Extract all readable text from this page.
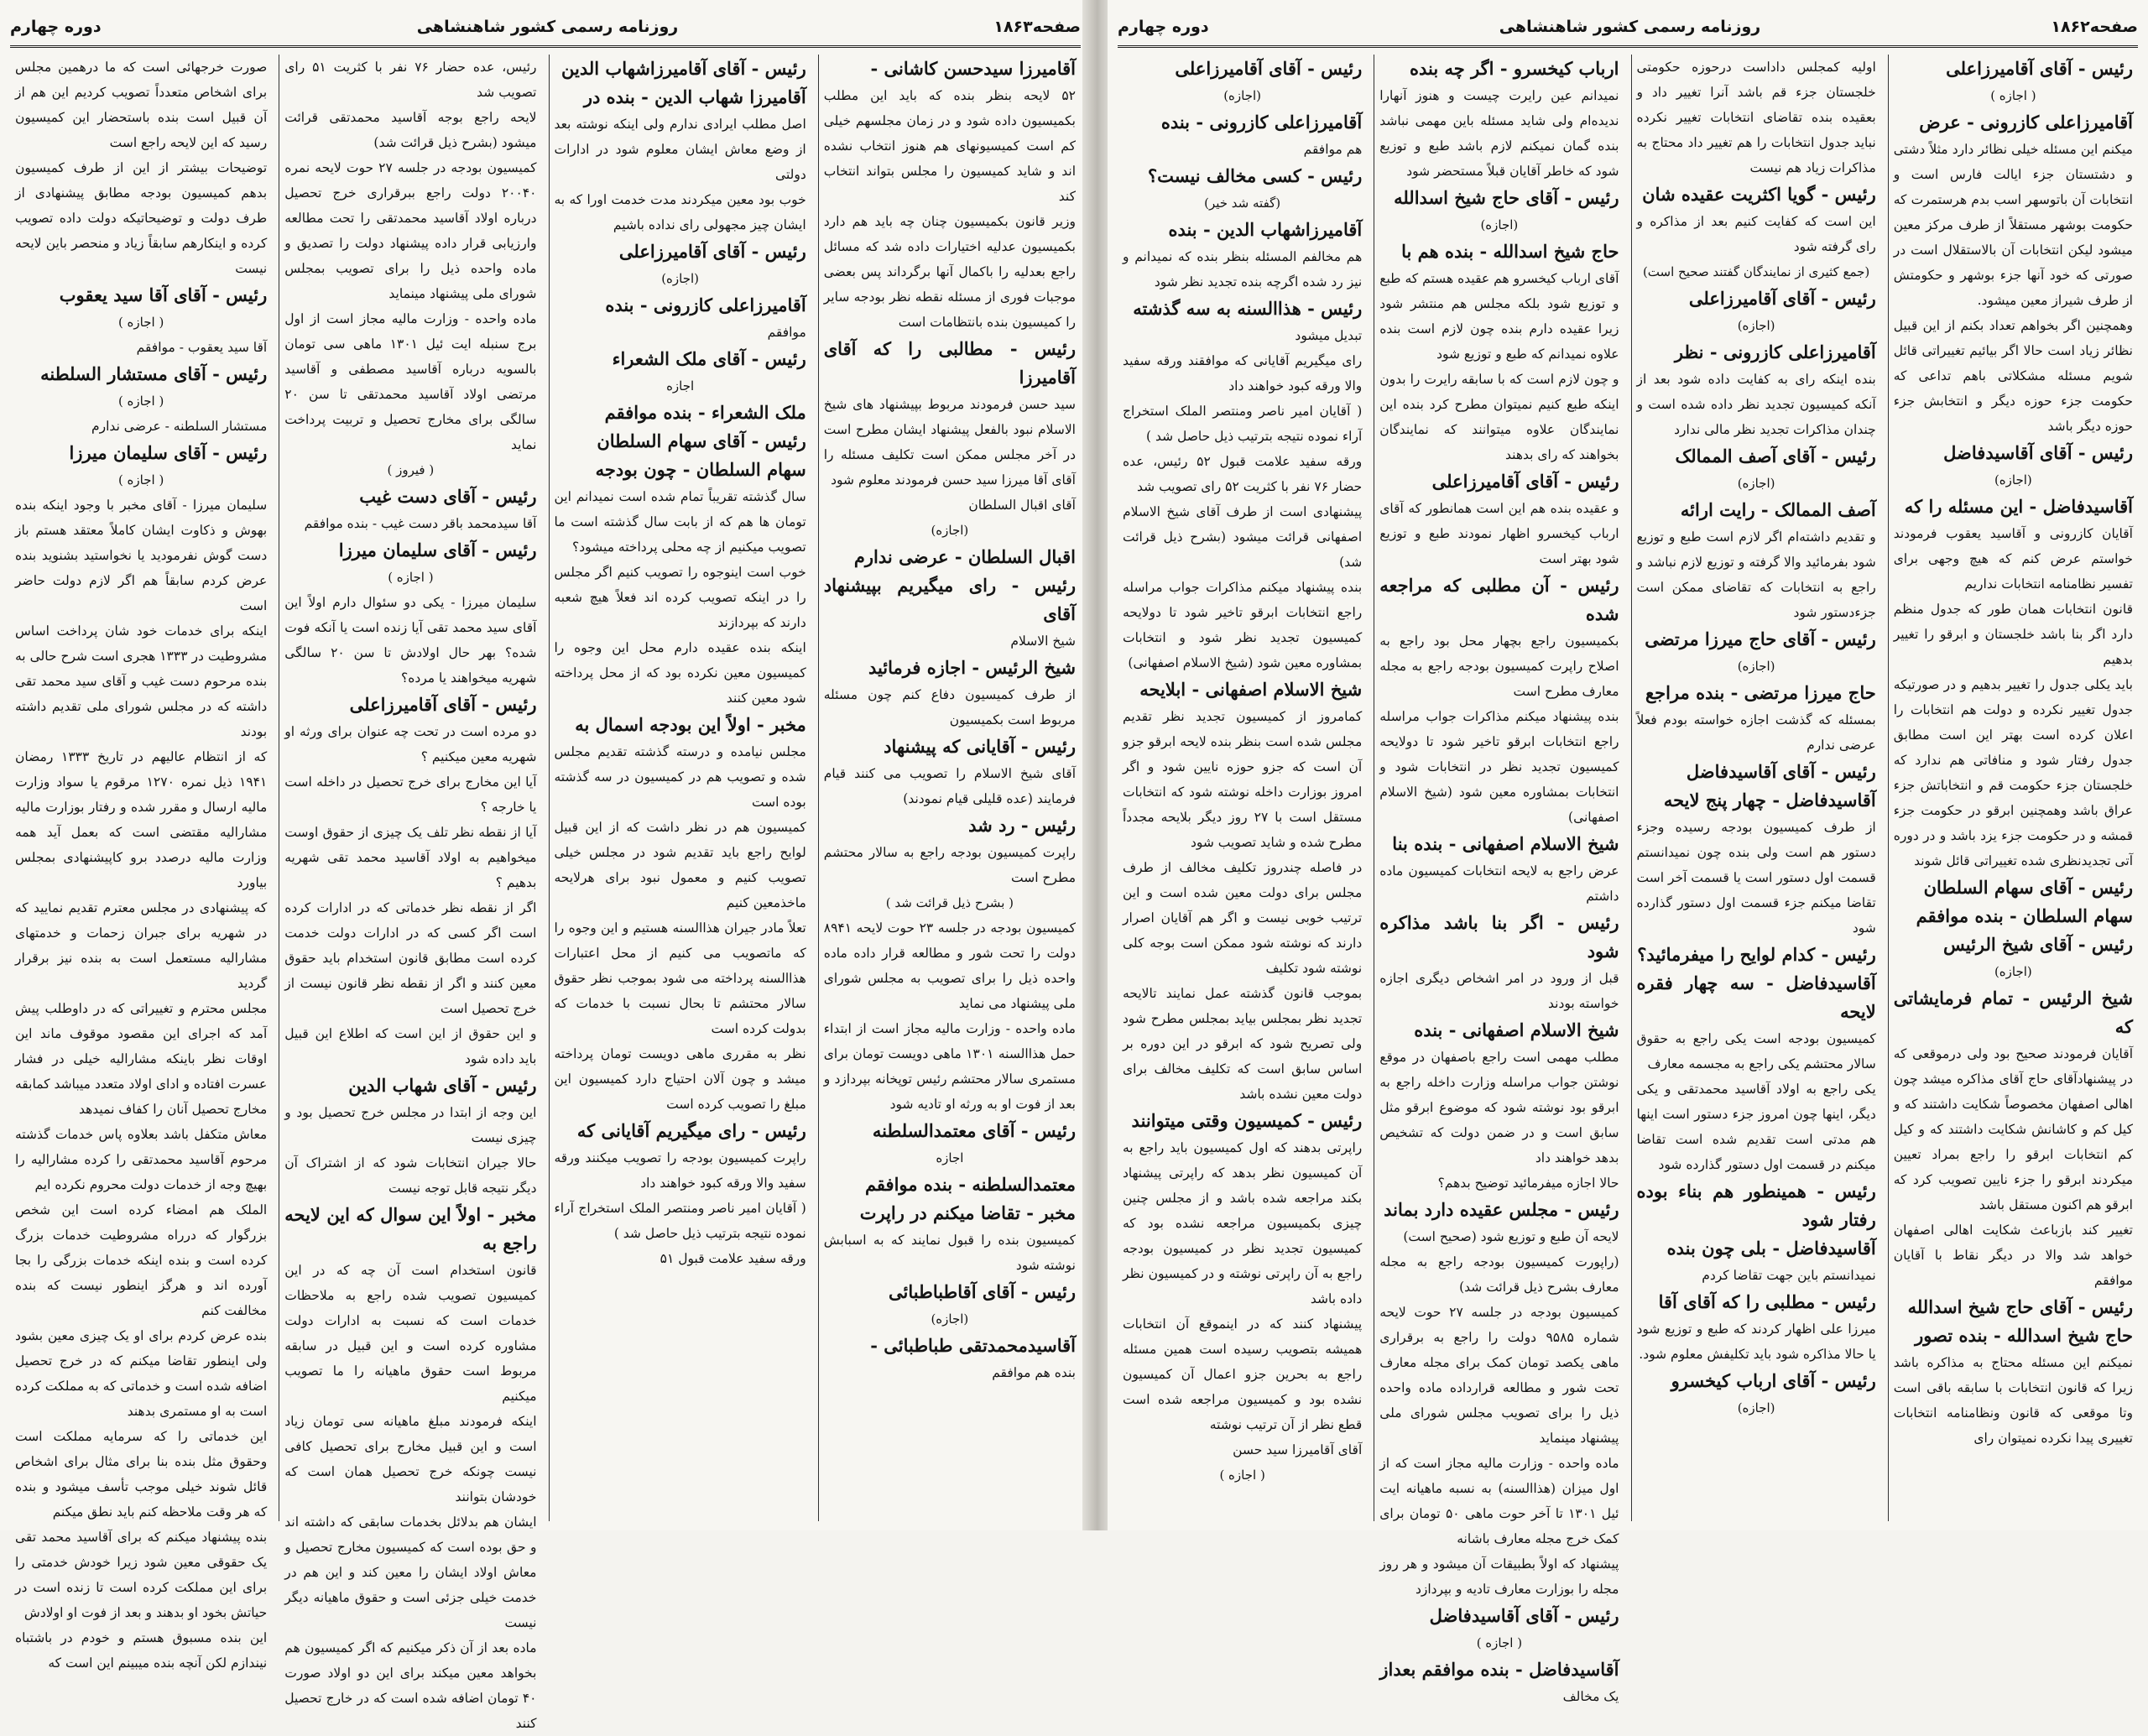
صفحه۱۸۶۳
روزنامه رسمی کشور شاهنشاهی
دوره چهارم
آقامیرزا سیدحسن کاشانی -
۵۲ لایحه بنظر بنده که باید این مطلب بکمیسیون داده شود و در زمان مجلسهم خیلی کم است کمیسیونهای هم هنوز انتخاب نشده اند و شاید کمیسیون را مجلس بتواند انتخاب کند
وزیر قانون بکمیسیون چنان چه باید هم دارد بکمیسیون عدلیه اختیارات داده شد که مسائل راجع بعدلیه را باکمال آنها برگرداند پس بعضی موجبات فوری از مسئله نقطه نظر بودجه سایر را کمیسیون بنده بانتظامات است
رئیس - مطالبی را که آقای آقامیرزا
سید حسن فرمودند مربوط بپیشنهاد های شیخ الاسلام نبود بالفعل پیشنهاد ایشان مطرح است در آخر مجلس ممکن است تکلیف مسئله را آقای آقا میرزا سید حسن فرمودند معلوم شود
آقای اقبال السلطان
(اجازه)
اقبال السلطان - عرضی ندارم
رئیس - رای میگیریم بپیشنهاد آقای
شیخ الاسلام
شیخ الرئیس - اجازه فرمائید
از طرف کمیسیون دفاع کنم چون مسئله مربوط است بکمیسیون
رئیس - آقایانی که پیشنهاد
آقای شیخ الاسلام را تصویب می کنند قیام فرمایند (عده قلیلی قیام نمودند)
رئیس - رد شد
راپرت کمیسیون بودجه راجع به سالار محتشم مطرح است
( بشرح ذیل قرائت شد )
کمیسیون بودجه در جلسه ۲۳ حوت لایحه ۸۹۴۱ دولت را تحت شور و مطالعه قرار داده ماده واحده ذیل را برای تصویب به مجلس شورای ملی پیشنهاد می نماید
ماده واحده - وزارت مالیه مجاز است از ابتداء حمل هذاالسنه ۱۳۰۱ ماهی دویست تومان برای مستمری سالار محتشم رئیس توپخانه بپردازد و بعد از فوت او به ورثه او تادیه شود
رئیس - آقای معتمدالسلطنه
اجازه
معتمدالسلطنه - بنده موافقم
مخبر - تقاضا میکنم در راپرت
کمیسیون بنده را قبول نمایند که به اسبابش نوشته شود
رئیس - آقای آقاطباطبائی
(اجازه)
آقاسیدمحمدتقی طباطبائی -
بنده هم موافقم
رئیس - آقای آقامیرزاشهاب الدین
آقامیرزا شهاب الدین - بنده در
اصل مطلب ایرادی ندارم ولی اینکه نوشته بعد از وضع معاش ایشان معلوم شود در ادارات دولتی
خوب بود معین میکردند مدت خدمت اورا که به ایشان چیز مجهولی رای نداده باشیم
رئیس - آقای آقامیرزاعلی
(اجازه)
آقامیرزاعلی کازرونی - بنده
موافقم
رئیس - آقای ملک الشعراء
اجازه
ملک الشعراء - بنده موافقم
رئیس - آقای سهام السلطان
سهام السلطان - چون بودجه
سال گذشته تقریباً تمام شده است نمیدانم این تومان ها هم که از بابت سال گذشته است ما تصویب میکنیم از چه محلی پرداخته میشود؟
خوب است اینوجوه را تصویب کنیم اگر مجلس را در اینکه تصویب کرده اند فعلاً هیچ شعبه دارند که بپردازند
اینکه بنده عقیده دارم محل این وجوه را کمیسیون معین نکرده بود که از محل پرداخته شود معین کنند
مخبر - اولاً این بودجه اسمال به
مجلس نیامده و درسته گذشته تقدیم مجلس شده و تصویب هم در کمیسیون در سه گذشته بوده است
کمیسیون هم در نظر داشت که از این قبیل لوایح راجع باید تقدیم شود در مجلس خیلی تصویب کنیم و معمول نبود برای هرلایحه ماخذمعین کنیم
تعلاً مادر جیران هذاالسنه هستیم و این وجوه را که ماتصویب می کنیم از محل اعتبارات هذاالسنه پرداخته می شود بموجب نظر حقوق سالار محتشم تا بحال نسبت با خدمات که بدولت کرده است
نظر به مقرری ماهی دویست تومان پرداخته میشد و چون آلان احتیاج دارد کمیسیون این مبلغ را تصویب کرده است
رئیس - رای میگیریم آقایانی که
راپرت کمیسیون بودجه را تصویب میکنند ورقه سفید والا ورقه کبود خواهند داد
( آقایان امیر ناصر ومنتصر الملک استخراج آراء نموده نتیجه بترتیب ذیل حاصل شد )
ورقه سفید علامت قبول ۵۱
رئیس، عده حضار ۷۶ نفر با کثریت ۵۱ رای تصویب شد
لایحه راجع بوجه آقاسید محمدتقی قرائت میشود (بشرح ذیل قرائت شد)
کمیسیون بودجه در جلسه ۲۷ حوت لایحه نمره ۲۰۰۴۰ دولت راجع ببرقراری خرج تحصیل درباره اولاد آقاسید محمدتقی را تحت مطالعه وارزیابی قرار داده پیشنهاد دولت را تصدیق و ماده واحده ذیل را برای تصویب بمجلس شورای ملی پیشنهاد مینماید
ماده واحده - وزارت مالیه مجاز است از اول برج سنبله ایت ئیل ۱۳۰۱ ماهی سی تومان بالسویه درباره آقاسید مصطفی و آقاسید مرتضی اولاد آقاسید محمدتقی تا سن ۲۰ سالگی برای مخارج تحصیل و تربیت پرداخت نماید
( فیروز )
رئیس - آقای دست غیب
آقا سیدمحمد باقر دست غیب - بنده موافقم
رئیس - آقای سلیمان میرزا
( اجازه )
سلیمان میرزا - یکی دو سئوال دارم اولاً این آقای سید محمد تقی آیا زنده است یا آنکه فوت شده؟ بهر حال اولادش تا سن ۲۰ سالگی شهریه میخواهند یا مرده؟
رئیس - آقای آقامیرزاعلی
دو مرده است در تحت چه عنوان برای ورثه او شهریه معین میکنیم ؟
آیا این مخارج برای خرج تحصیل در داخله است یا خارجه ؟
آیا از نقطه نظر تلف یک چیزی از حقوق اوست میخواهیم به اولاد آقاسید محمد تقی شهریه بدهیم ؟
اگر از نقطه نظر خدماتی که در ادارات کرده است اگر کسی که در ادارات دولت خدمت کرده است مطابق قانون استخدام باید حقوق معین کنند و اگر از نقطه نظر قانون نیست از خرج تحصیل است
و این حقوق از این است که اطلاع این قبیل باید داده شود
رئیس - آقای شهاب الدین
این وجه از ابتدا در مجلس خرج تحصیل بود و چیزی نیست
حالا جیران انتخابات شود که از اشتراک آن دیگر نتیجه قابل توجه نیست
مخبر - اولاً این سوال که این لایحه راجع به
قانون استخدام است آن چه که در این کمیسیون تصویب شده راجع به ملاحظات خدمات است که نسبت به ادارات دولت مشاوره کرده است و این قبیل در سابقه مربوط است حقوق ماهیانه را ما تصویب میکنیم
اینکه فرمودند مبلغ ماهیانه سی تومان زیاد است و این قبیل مخارج برای تحصیل کافی نیست چونکه خرج تحصیل همان است که خودشان بتوانند
ایشان هم بدلائل بخدمات سابقی که داشته اند و حق بوده است که کمیسیون مخارج تحصیل و معاش اولاد ایشان را معین کند و این هم در خدمت خیلی جزئی است و حقوق ماهیانه دیگر نیست
ماده بعد از آن ذکر میکنیم که اگر کمیسیون هم بخواهد معین میکند برای این دو اولاد صورت ۴۰ تومان اضافه شده است که در خارج تحصیل کنند
صورت خرجهائی است که ما درهمین مجلس برای اشخاص متعدداً تصویب کردیم این هم از آن قبیل است بنده باستحضار این کمیسیون رسید که این لایحه راجع است
توضیحات بیشتر از این از طرف کمیسیون بدهم کمیسیون بودجه مطابق پیشنهادی از طرف دولت و توضیحاتیکه دولت داده تصویب کرده و اینکارهم سابقاً زیاد و منحصر باین لایحه نیست
رئیس - آقای آقا سید یعقوب
( اجازه )
آقا سید یعقوب - موافقم
رئیس - آقای مستشار السلطنه
( اجازه )
مستشار السلطنه - عرضی ندارم
رئیس - آقای سلیمان میرزا
( اجازه )
سلیمان میرزا - آقای مخبر با وجود اینکه بنده بهوش و ذکاوت ایشان کاملاً معتقد هستم باز دست گوش نفرمودید یا نخواستید بشنوید بنده عرض کردم سابقاً هم اگر لازم دولت حاضر است
اینکه برای خدمات خود شان پرداخت اساس مشروطیت در ۱۳۳۳ هجری است شرح حالی به بنده مرحوم دست غیب و آقای سید محمد تقی داشته که در مجلس شورای ملی تقدیم داشته بودند
که از انتظام عالیهم در تاریخ ۱۳۳۳ رمضان ۱۹۴۱ ذیل نمره ۱۲۷۰ مرقوم یا سواد وزارت مالیه ارسال و مقرر شده و رفتار بوزارت مالیه مشارالیه مقتضی است که بعمل آید همه وزارت مالیه درصدد برو کاپیشنهادی بمجلس بیاورد
که پیشنهادی در مجلس معترم تقدیم نمایید که در شهریه برای جبران زحمات و خدمتهای مشارالیه مستعمل است به بنده نیز برقرار گردید
مجلس محترم و تغییراتی که در داوطلب پیش آمد که اجرای این مقصود موقوف ماند این اوقات نظر باینکه مشارالیه خیلی در فشار عسرت افتاده و ادای اولاد متعدد میباشد کمابقه مخارج تحصیل آنان را کفاف نمیدهد
معاش متکفل باشد بعلاوه پاس خدمات گذشته مرحوم آقاسید محمدتقی را کرده مشارالیه را بهیچ وجه از خدمات دولت محروم نکرده ایم
الملک هم امضاء کرده است این شخص بزرگوار که درراه مشروطیت خدمات بزرگ کرده است و بنده اینکه خدمات بزرگی را بجا آورده اند و هرگز اینطور نیست که بنده مخالفت کنم
بنده عرض کردم برای او یک چیزی معین بشود ولی اینطور تقاضا میکنم که در خرج تحصیل اضافه شده است و خدماتی که به مملکت کرده است به او مستمری بدهند
این خدماتی را که سرمایه مملکت است وحقوق مثل بنده بنا برای مثال برای اشخاص قائل شوند خیلی موجب تأسف میشود و بنده که هر وقت ملاحظه کنم باید نطق میکنم
بنده پیشنهاد میکنم که برای آقاسید محمد تقی یک حقوقی معین شود زیرا خودش خدمتی را برای این مملکت کرده است تا زنده است در حیاتش بخود او بدهند و بعد از فوت او اولادش
این بنده مسبوق هستم و خودم در باشتباه نیندازم لکن آنچه بنده میبینم این است که
صفحه۱۸۶۲
روزنامه رسمی کشور شاهنشاهی
دوره چهارم
رئیس - آقای آقامیرزاعلی
( اجازه )
آقامیرزاعلی کازرونی - عرض
میکنم این مسئله خیلی نظائر دارد مثلاً دشتی و دشتستان جزء ایالت فارس است و انتخابات آن باتوسهر اسب بدم هرستمرت که حکومت بوشهر مستقلاً از طرف مرکز معین میشود لیکن انتخابات آن بالاستقلال است در صورتی که خود آنها جزء بوشهر و حکومتش از طرف شیراز معین میشود.
وهمچنین اگر بخواهم تعداد بکنم از این قبیل نظائر زیاد است حالا اگر بیائیم تغییراتی قائل شویم مسئله مشکلاتی باهم تداعی که حکومت جزء حوزه دیگر و انتخابش جزء حوزه دیگر باشد
رئیس - آقای آقاسیدفاضل
(اجازه)
آقاسیدفاضل - این مسئله را که
آقایان کازرونی و آقاسید یعقوب فرمودند خواستم عرض کنم که هیچ وجهی برای تفسیر نظامنامه انتخابات نداریم
قانون انتخابات همان طور که جدول منظم دارد اگر بنا باشد خلجستان و ابرقو را تغییر بدهیم
باید یکلی جدول را تغییر بدهیم و در صورتیکه جدول تغییر نکرده و دولت هم انتخابات را اعلان کرده است بهتر این است مطابق جدول رفتار شود و منافاتی هم ندارد که خلجستان جزء حکومت قم و انتخاباتش جزء عراق باشد وهمچنین ابرقو در حکومت جزء قمشه و در حکومت جزء یزد باشد و در دوره آتی تجدیدنظری شده تغییراتی قائل شوند
رئیس - آقای سهام السلطان
سهام السلطان - بنده موافقم
رئیس - آقای شیخ الرئیس
(اجازه)
شیخ الرئیس - تمام فرمایشاتی که
آقایان فرمودند صحیح بود ولی درموقعی که در پیشنهادآقای حاج آقای مذاکره میشد چون اهالی اصفهان مخصوصاً شکایت داشتند که و کیل کم و کاشانش شکایت داشتند که و کیل کم انتخابات ابرقو را راجع بمراد تعیین میکردند ابرقو را جزء نایین تصویب کرد که ابرقو هم اکنون مستقل باشد
تغییر کند بازباعث شکایت اهالی اصفهان خواهد شد والا در دیگر نقاط با آقایان موافقم
رئیس - آقای حاج شیخ اسدالله
حاج شیخ اسدالله - بنده تصور
نمیکنم این مسئله محتاج به مذاکره باشد زیرا که قانون انتخابات با سابقه باقی است وتا موقعی که قانون ونظامنامه انتخابات تغییری پیدا نکرده نمیتوان رای
اولیه کمجلس داداست درحوزه حکومتی خلجستان جزء قم باشد آنرا تغییر داد و بعقیده بنده تقاضای انتخابات تغییر نکرده نباید جدول انتخابات را هم تغییر داد محتاج به مذاکرات زیاد هم نیست
رئیس - گویا اکثریت عقیده شان
این است که کفایت کنیم بعد از مذاکره و رای گرفته شود
(جمع کثیری از نمایندگان گفتند صحیح است)
رئیس - آقای آقامیرزاعلی
(اجازه)
آقامیرزاعلی کازرونی - نظر
بنده اینکه رای به کفایت داده شود بعد از آنکه کمیسیون تجدید نظر داده شده است و چندان مذاکرات تجدید نظر مالی ندارد
رئیس - آقای آصف الممالک
(اجازه)
آصف الممالک - رایت ارائه
و تقدیم داشته‌ام اگر لازم است طبع و توزیع شود بفرمائید والا گرفته و توزیع لازم نباشد و راجع به انتخابات که تقاضای ممکن است جزءدستور شود
رئیس - آقای حاج میرزا مرتضی
(اجازه)
حاج میرزا مرتضی - بنده مراجع
بمسئله که گذشت اجازه خواسته بودم فعلاً عرضی ندارم
رئیس - آقای آقاسیدفاضل
آقاسیدفاضل - چهار پنج لایحه
از طرف کمیسیون بودجه رسیده وجزء دستور هم است ولی بنده چون نمیدانستم قسمت اول دستور است یا قسمت آخر است تقاضا میکنم جزء قسمت اول دستور گذارده شود
رئیس - کدام لوایح را میفرمائید؟
آقاسیدفاضل - سه چهار فقره لایحه
کمیسیون بودجه است یکی راجع به حقوق سالار محتشم یکی راجع به مجسمه معارف
یکی راجع به اولاد آقاسید محمدتقی و یکی دیگر، اینها چون امروز جزء دستور است اینها هم مدتی است تقدیم شده است تقاضا میکنم در قسمت اول دستور گذارده شود
رئیس - همینطور هم بناء بوده رفتار شود
آقاسیدفاضل - بلی چون بنده
نمیدانستم باین جهت تقاضا کردم
رئیس - مطلبی را که آقای آقا
میرزا علی اظهار کردند که طبع و توزیع شود یا حالا مذاکره شود باید تکلیفش معلوم شود.
رئیس - آقای ارباب کیخسرو
(اجازه)
ارباب کیخسرو - اگر چه بنده
نمیدانم عین رایرت چیست و هنوز آنهارا ندیده‌ام ولی شاید مسئله باین مهمی نباشد بنده گمان نمیکنم لازم باشد طبع و توزیع شود که خاطر آقایان قبلاً مستحضر شود
رئیس - آقای حاج شیخ اسدالله
(اجازه)
حاج شیخ اسدالله - بنده هم با
آقای ارباب کیخسرو هم عقیده هستم که طبع و توزیع شود بلکه مجلس هم منتشر شود زیرا عقیده دارم بنده چون لازم است بنده علاوه نمیدانم که طبع و توزیع شود
و چون لازم است که با سابقه رایرت را بدون اینکه طبع کنیم نمیتوان مطرح کرد بنده این نمایندگان علاوه میتوانند که نمایندگان بخواهند که رای بدهند
رئیس - آقای آقامیرزاعلی
و عقیده بنده هم این است همانطور که آقای ارباب کیخسرو اظهار نمودند طبع و توزیع شود بهتر است
رئیس - آن مطلبی که مراجعه شده
بکمیسیون راجع بچهار محل بود راجع به اصلاح راپرت کمیسیون بودجه راجع به مجله معارف مطرح است
بنده پیشنهاد میکنم مذاکرات جواب مراسله راجع انتخابات ابرقو تاخیر شود تا دولایحه کمیسیون تجدید نظر در انتخابات شود و انتخابات بمشاوره معین شود (شیخ الاسلام اصفهانی)
شیخ الاسلام اصفهانی - بنده بنا
عرض راجع به لایحه انتخابات کمیسیون ماده داشتم
رئیس - اگر بنا باشد مذاکره شود
قبل از ورود در امر اشخاص دیگری اجازه خواسته بودند
شیخ الاسلام اصفهانی - بنده
مطلب مهمی است راجع باصفهان در موقع نوشتن جواب مراسله وزارت داخله راجع به ابرقو بود نوشته شود که موضوع ابرقو مثل سابق است و در ضمن دولت که تشخیص بدهد خواهند داد
حالا اجازه میفرمائید توضیح بدهم؟
رئیس - مجلس عقیده دارد بماند
لایحه آن طبع و توزیع شود (صحیح است)
(راپورت کمیسیون بودجه راجع به مجله معارف بشرح ذیل قرائت شد)
کمیسیون بودجه در جلسه ۲۷ حوت لایحه شماره ۹۵۸۵ دولت را راجع به برقراری ماهی یکصد تومان کمک برای مجله معارف تحت شور و مطالعه قرارداده ماده واحده ذیل را برای تصویب مجلس شورای ملی پیشنهاد مینماید
ماده واحده - وزارت مالیه مجاز است که از اول میزان (هذاالسنه) به نسبه ماهیانه ایت ئیل ۱۳۰۱ تا آخر حوت ماهی ۵۰ تومان برای کمک خرج مجله معارف باشانه
پیشنهاد که اولاً بطبیقات آن میشود و هر روز مجله را بوزارت معارف تادیه و بپردازد
رئیس - آقای آقاسیدفاضل
( اجازه )
آقاسیدفاضل - بنده موافقم بعداز
یک مخالف
رئیس - آقای آقامیرزاعلی
(اجازه)
آقامیرزاعلی کازرونی - بنده
هم موافقم
رئیس - کسی مخالف نیست؟
(گفته شد خیر)
آقامیرزاشهاب الدین - بنده
هم مخالفم المسئله بنظر بنده که نمیدانم و نیز رد شده اگرچه بنده تجدید نظر شود
رئیس - هذاالسنه به سه گذشته
تبدیل میشود
رای میگیریم آقایانی که موافقند ورقه سفید والا ورقه کبود خواهند داد
( آقایان امیر ناصر ومنتصر الملک استخراج آراء نموده نتیجه بترتیب ذیل حاصل شد )
ورقه سفید علامت قبول ۵۲ رئیس، عده حضار ۷۶ نفر با کثریت ۵۲ رای تصویب شد
پیشنهادی است از طرف آقای شیخ الاسلام اصفهانی قرائت میشود (بشرح ذیل قرائت شد)
بنده پیشنهاد میکنم مذاکرات جواب مراسله راجع انتخابات ابرقو تاخیر شود تا دولایحه کمیسیون تجدید نظر شود و انتخابات بمشاوره معین شود (شیخ الاسلام اصفهانی)
شیخ الاسلام اصفهانی - ابلایحه
کمامروز از کمیسیون تجدید نظر تقدیم مجلس شده است بنظر بنده لایحه ابرقو جزو آن است که جزو حوزه نایین شود و اگر امروز بوزارت داخله نوشته شود که انتخابات مستقل است با ۲۷ روز دیگر بلایحه مجدداً مطرح شده و شاید تصویب شود
در فاصله چندروز تکلیف مخالف از طرف مجلس برای دولت معین شده است و این ترتیب خوبی نیست و اگر هم آقایان اصرار دارند که نوشته شود ممکن است بوجه کلی نوشته شود تکلیف
بموجب قانون گذشته عمل نمایند تالایحه تجدید نظر بمجلس بیاید بمجلس مطرح شود ولی تصریح شود که ابرقو در این دوره بر اساس سابق است که تکلیف مخالف برای دولت معین نشده باشد
رئیس - کمیسیون وقتی میتوانند
راپرتی بدهند که اول کمیسیون باید راجع به آن کمیسیون نظر بدهد که راپرتی پیشنهاد بکند مراجعه شده باشد و از مجلس چنین چیزی بکمیسیون مراجعه نشده بود که کمیسیون تجدید نظر در کمیسیون بودجه راجع به آن راپرتی نوشته و در کمیسیون نظر داده باشد
پیشنهاد کنند که در اینموقع آن انتخابات همیشه بتصویب رسیده است همین مسئله راجع به بحرین جزو اعمال آن کمیسیون نشده بود و کمیسیون مراجعه شده است قطع نظر از آن ترتیب نوشته
آقای آقامیرزا سید حسن
( اجازه )
